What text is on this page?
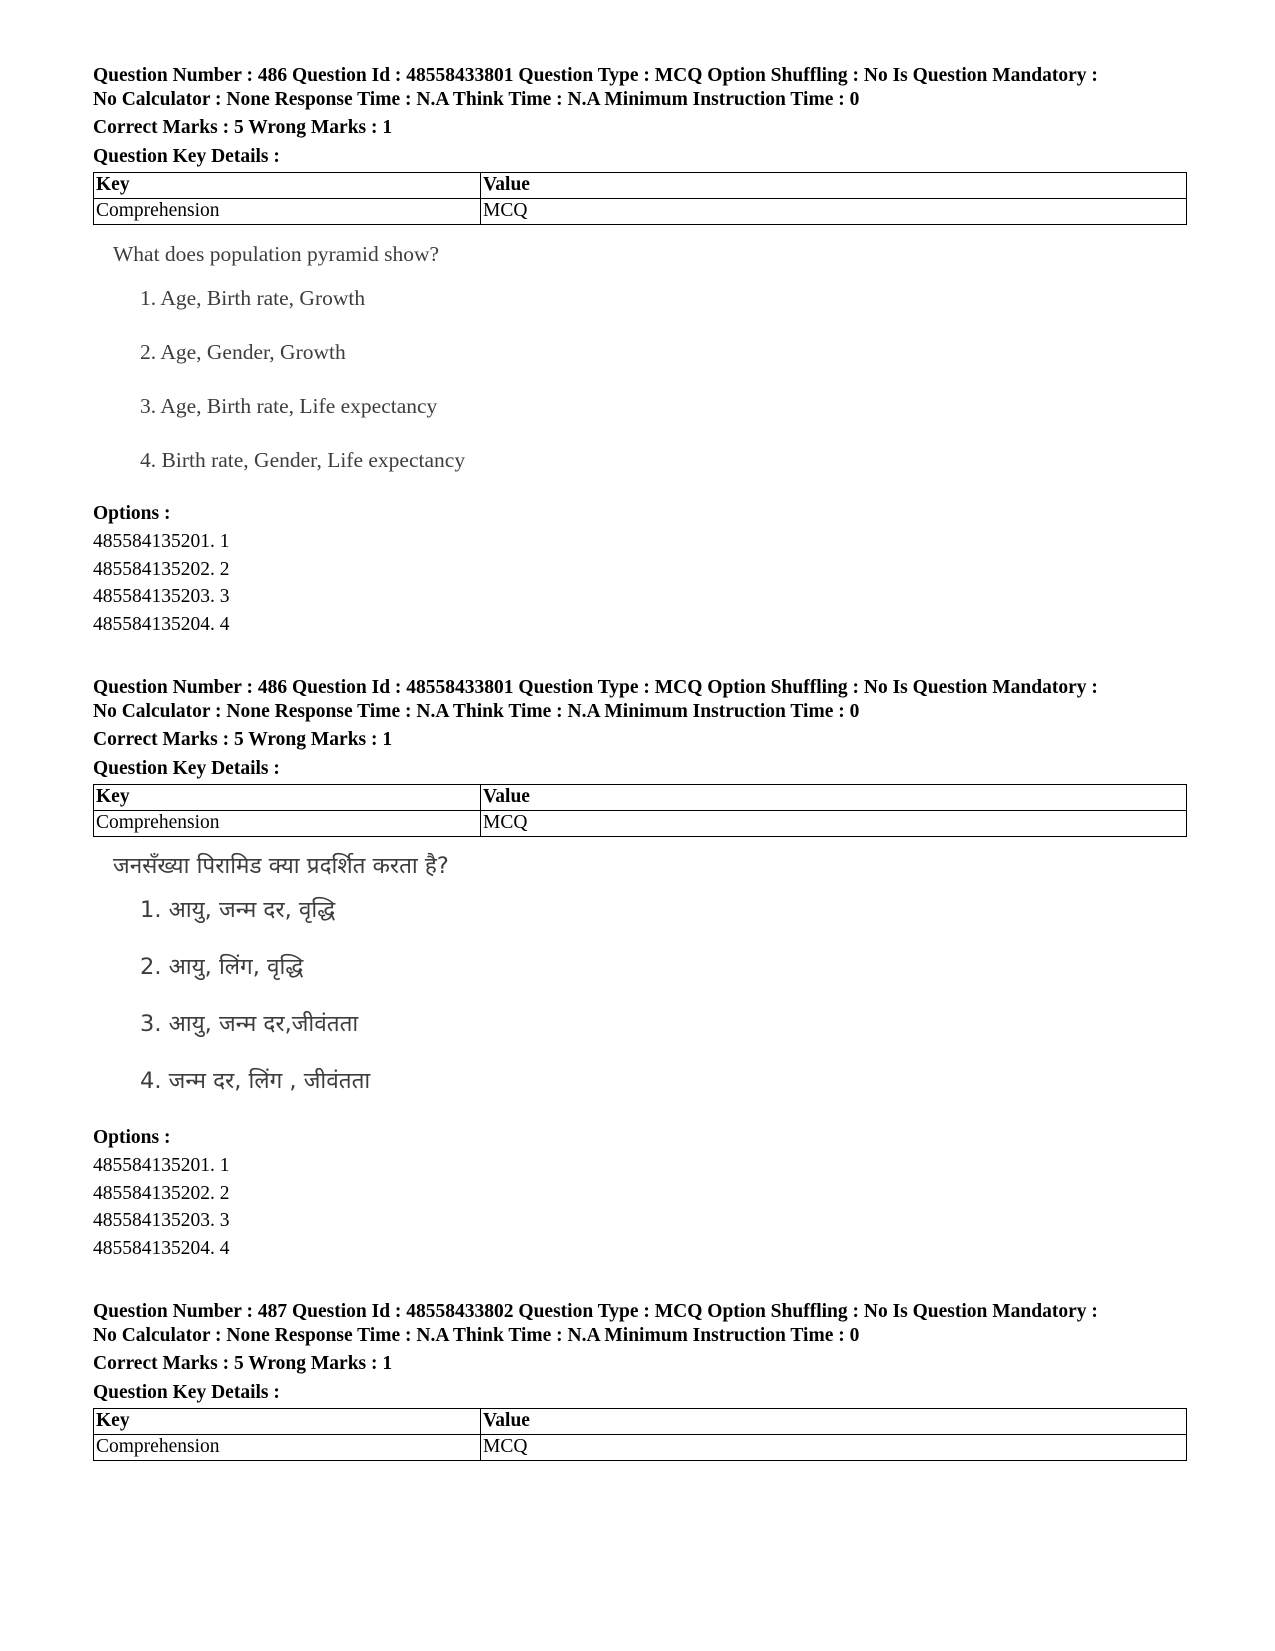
Question Number : 486 Question Id : 48558433801 Question Type : MCQ Option Shuffling : No Is Question Mandatory :
No Calculator : None Response Time : N.A Think Time : N.A Minimum Instruction Time : 0
Correct Marks : 5 Wrong Marks : 1
Question Key Details :
Key	Value
Comprehension	MCQ
What does population pyramid show?
1. Age, Birth rate, Growth
2. Age, Gender, Growth
3. Age, Birth rate, Life expectancy
4. Birth rate, Gender, Life expectancy
Options :
485584135201. 1
485584135202. 2
485584135203. 3
485584135204. 4
Question Number : 486 Question Id : 48558433801 Question Type : MCQ Option Shuffling : No Is Question Mandatory :
No Calculator : None Response Time : N.A Think Time : N.A Minimum Instruction Time : 0
Correct Marks : 5 Wrong Marks : 1
Question Key Details :
Key	Value
Comprehension	MCQ
जनसँख्या पिरामिड क्या प्रदर्शित करता है?
1. आयु, जन्म दर, वृद्धि
2. आयु, लिंग, वृद्धि
3. आयु, जन्म दर,जीवंतता
4. जन्म दर, लिंग , जीवंतता
Options :
485584135201. 1
485584135202. 2
485584135203. 3
485584135204. 4
Question Number : 487 Question Id : 48558433802 Question Type : MCQ Option Shuffling : No Is Question Mandatory :
No Calculator : None Response Time : N.A Think Time : N.A Minimum Instruction Time : 0
Correct Marks : 5 Wrong Marks : 1
Question Key Details :
Key	Value
Comprehension	MCQ
